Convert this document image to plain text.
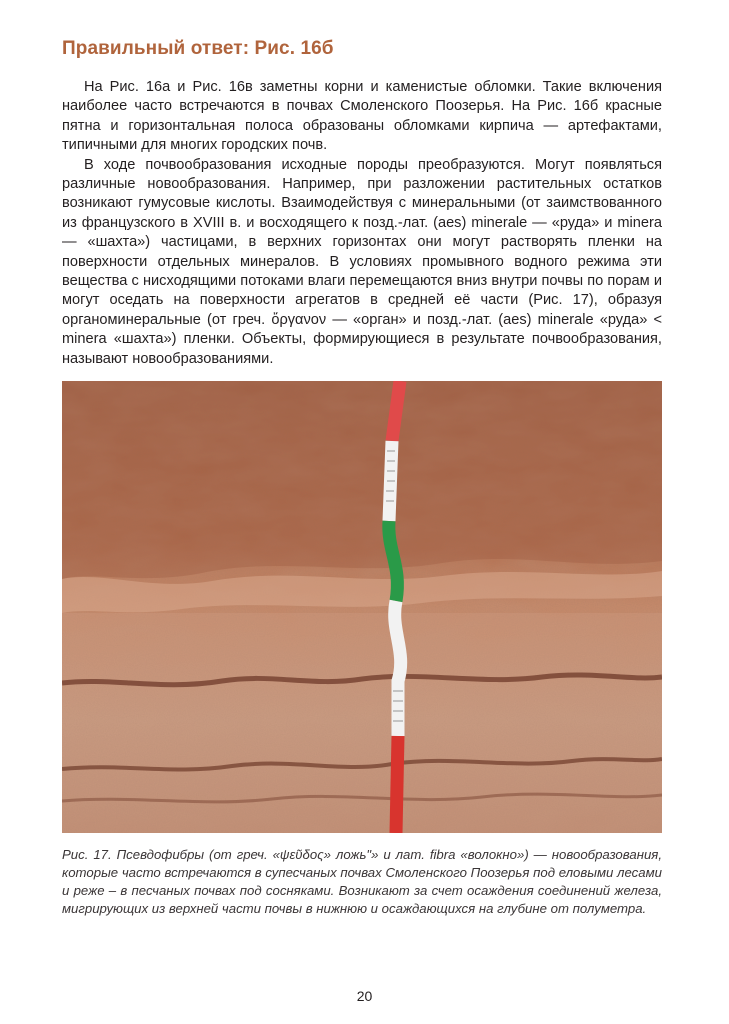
Правильный ответ: Рис. 16б

На Рис. 16а и Рис. 16в заметны корни и каменистые обломки. Такие включения наиболее часто встречаются в почвах Смоленского Поозерья. На Рис. 16б красные пятна и горизонтальная полоса образованы обломками кирпича — артефактами, типичными для многих городских почв.

В ходе почвообразования исходные породы преобразуются. Могут появляться различные новообразования. Например, при разложении растительных остатков возникают гумусовые кислоты. Взаимодействуя с минеральными (от заимствованного из французского в XVIII в. и восходящего к позд.-лат. (aes) minerale — «руда» и minera — «шахта») частицами, в верхних горизонтах они могут растворять пленки на поверхности отдельных минералов. В условиях промывного водного режима эти вещества с нисходящими потоками влаги перемещаются вниз внутри почвы по порам и могут оседать на поверхности агрегатов в средней её части (Рис. 17), образуя органоминеральные (от греч. ὄργανον — «орган» и позд.-лат. (aes) minerale «руда» < minera «шахта») пленки. Объекты, формирующиеся в результате почвообразования, называют новообразованиями.

Рис. 17. Псевдофибры (от греч. «ψεῦδος» ложь"» и лат. fibra «волокно») — новообразования, которые часто встречаются в супесчаных почвах Смоленского Поозерья под еловыми лесами и реже – в песчаных почвах под сосняками. Возникают за счет осаждения соединений железа, мигрирующих из верхней части почвы в нижнюю и осаждающихся на глубине от полуметра.

20
